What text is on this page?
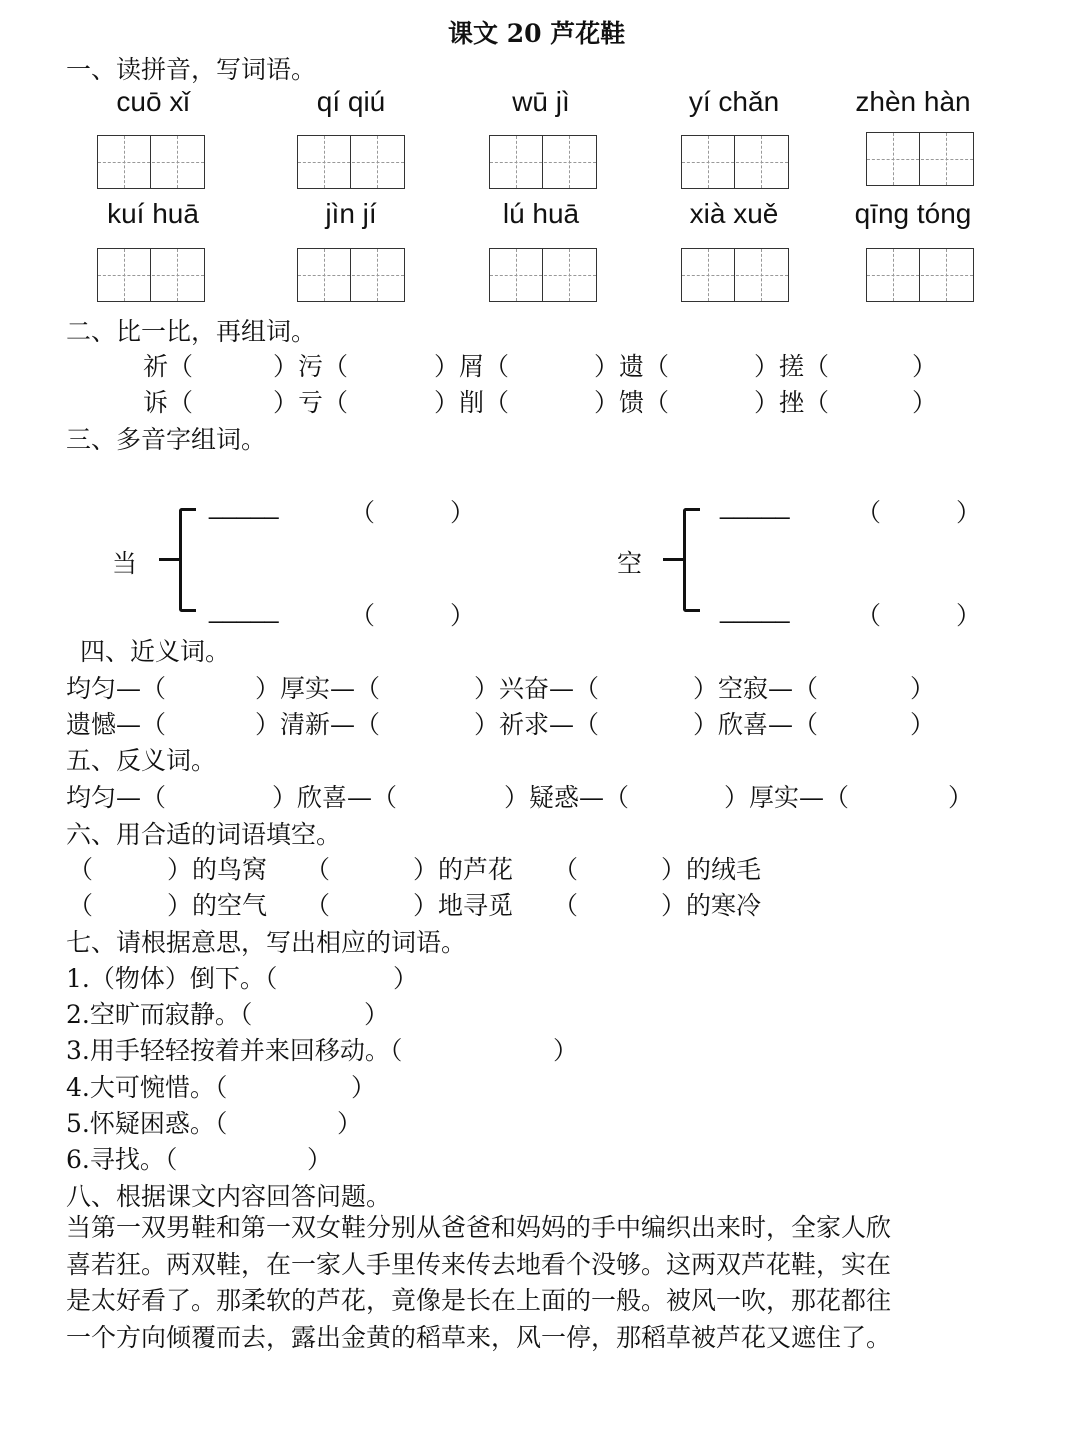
课文 20 芦花鞋
一、读拼音，写词语。
cuō xǐ	qí qiú	wū jì	yí chǎn	zhèn hàn
kuí huā	jìn jí	lú huā	xià xuě	qīng tóng
二、比一比，再组词。
祈（	）污（	）屑（	）遗（	）搓（	）
诉（	）亏（	）削（	）馈（	）挫（	）
三、多音字组词。
当
_____	（	）
_____	（	）
空
_____	（	）
_____	（	）
四、近义词。
均匀—（	）厚实—（	）兴奋—（	）空寂—（	）
遗憾—（	）清新—（	）祈求—（	）欣喜—（	）
五、反义词。
均匀—（	）欣喜—（	）疑惑—（	）厚实—（	）
六、用合适的词语填空。
（	）的鸟窝 （	）的芦花 （	）的绒毛
（	）的空气 （	）地寻觅 （	）的寒冷
七、请根据意思，写出相应的词语。
1.（物体）倒下。（	）
2.空旷而寂静。（	）
3.用手轻轻按着并来回移动。（	）
4.大可惋惜。（	）
5.怀疑困惑。（	）
6.寻找。（	）
八、根据课文内容回答问题。
当第一双男鞋和第一双女鞋分别从爸爸和妈妈的手中编织出来时，全家人欣
喜若狂。两双鞋，在一家人手里传来传去地看个没够。这两双芦花鞋，实在
是太好看了。那柔软的芦花，竟像是长在上面的一般。被风一吹，那花都往
一个方向倾覆而去，露出金黄的稻草来，风一停，那稻草被芦花又遮住了。
